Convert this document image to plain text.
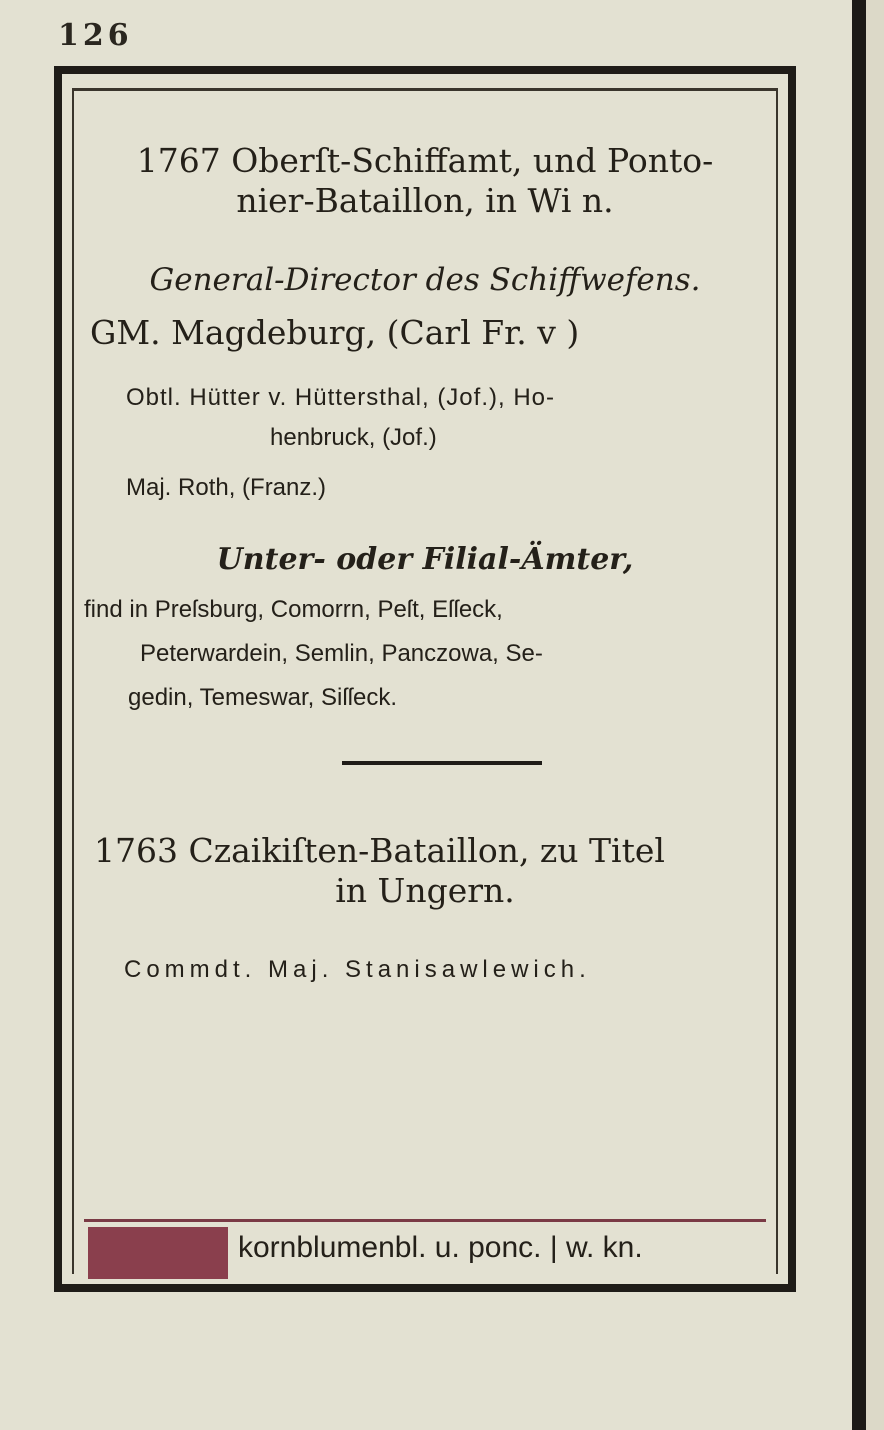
126
1767 Oberſt-Schiffamt, und Ponto-
nier-Bataillon, in Wi n.
General-Director des Schiffwefens.
GM. Magdeburg, (Carl Fr. v )
Obtl. Hütter v. Hüttersthal, (Jof.), Ho-
henbruck, (Jof.)
Maj. Roth, (Franz.)
Unter- oder Filial-Ämter,
find in Preſsburg, Comorrn, Peſt, Eſſeck,
Peterwardein, Semlin, Panczowa, Se-
gedin, Temeswar, Siſſeck.
1763 Czaikiſten-Bataillon, zu Titel
in Ungern.
Commdt. Maj. Stanisawlewich.
kornblumenbl. u. ponc. | w. kn.
